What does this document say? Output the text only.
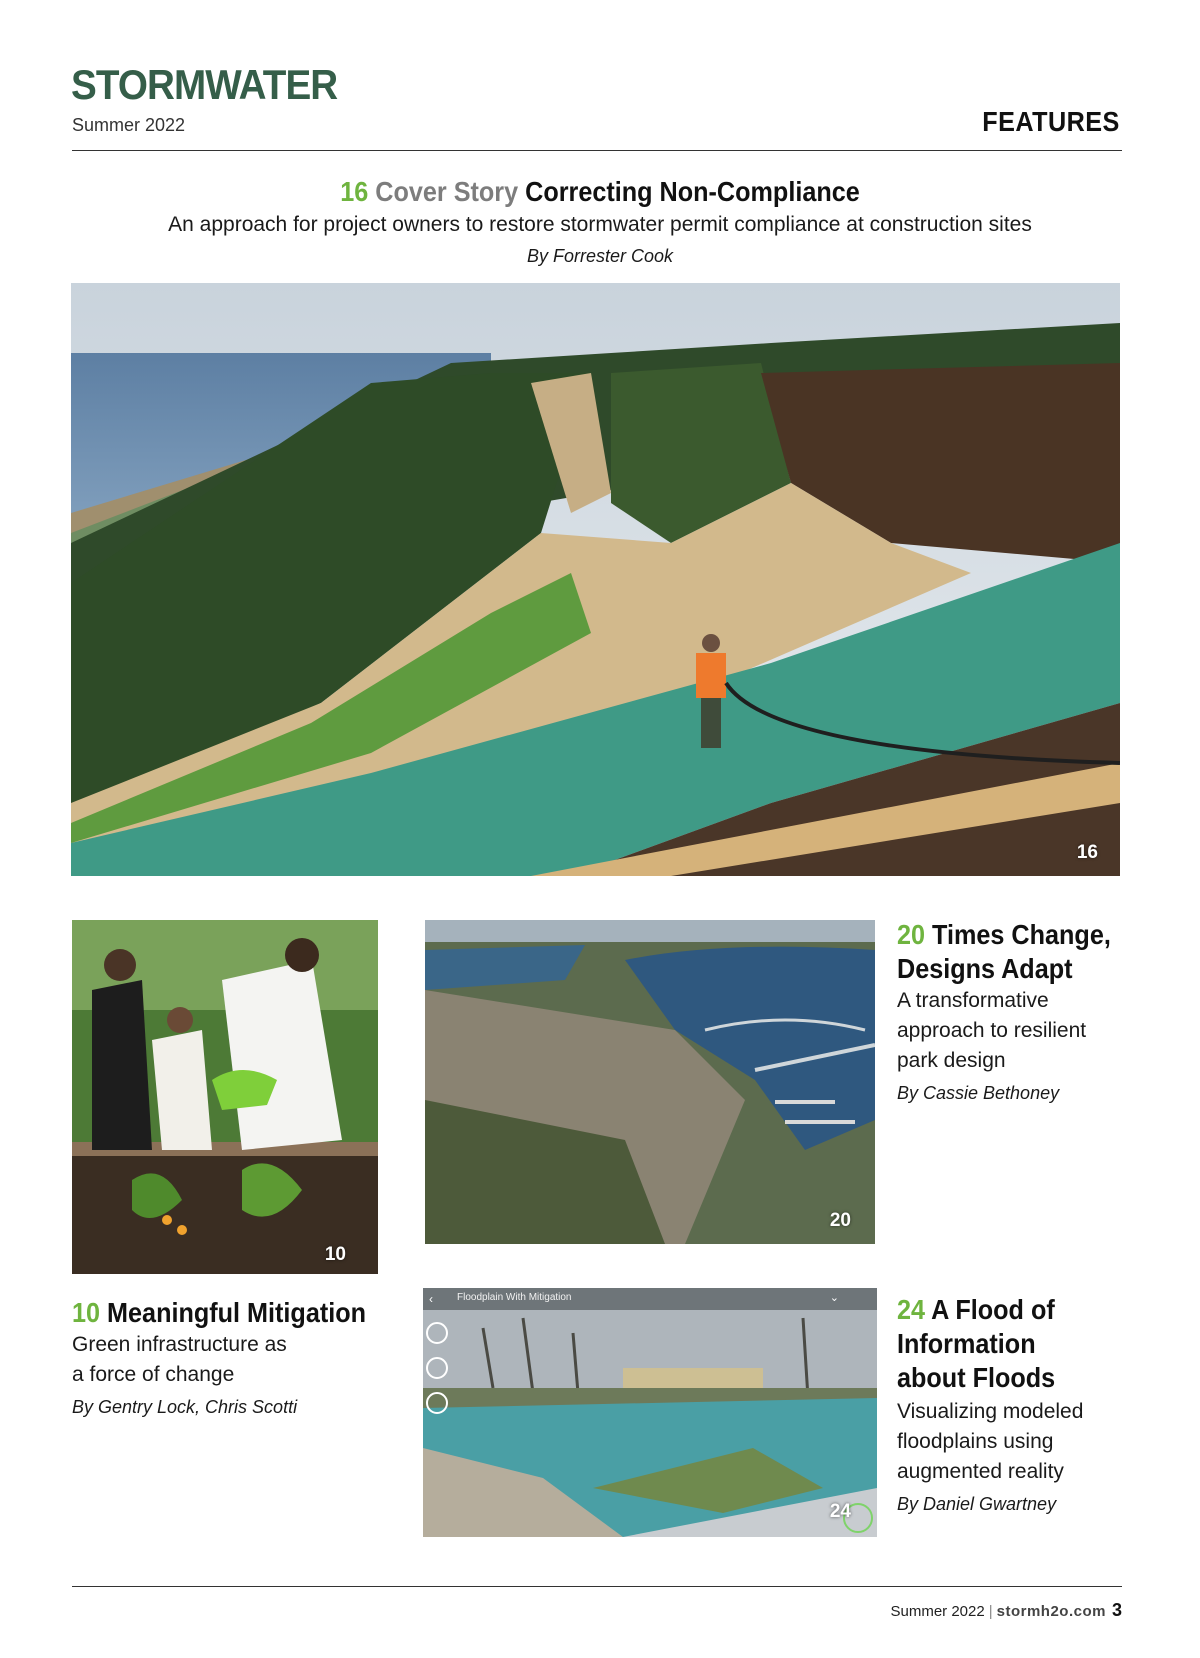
STORMWATER
Summer 2022	FEATURES
16 Cover Story Correcting Non-Compliance
An approach for project owners to restore stormwater permit compliance at construction sites
By Forrester Cook
16
10
20
Floodplain With Mitigation
‹	⌄
24
10 Meaningful Mitigation
Green infrastructure as
a force of change
By Gentry Lock, Chris Scotti
20 Times Change,
Designs Adapt
A transformative
approach to resilient
park design
By Cassie Bethoney
24 A Flood of
Information
about Floods
Visualizing modeled
floodplains using
augmented reality
By Daniel Gwartney
Summer 2022 | stormh2o.com 3
